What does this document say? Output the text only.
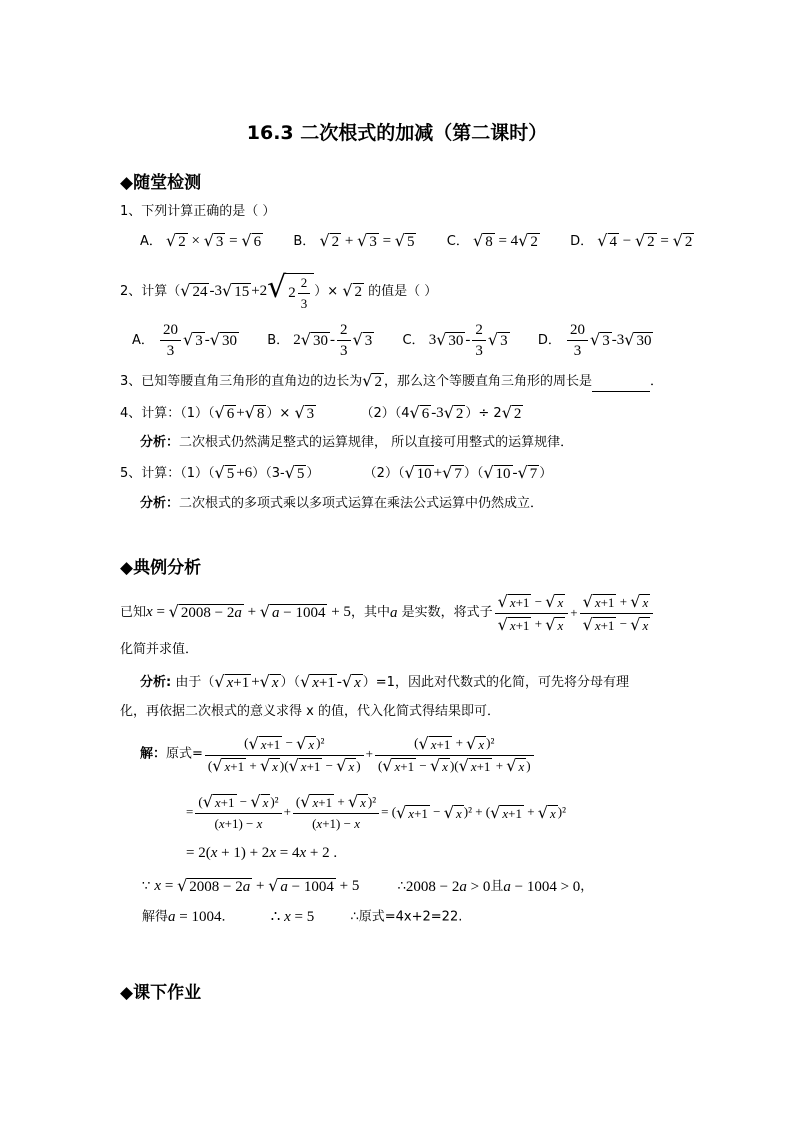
16.3 二次根式的加减（第二课时）
◆随堂检测
1、下列计算正确的是（ ）
A． √ 2 × √ 3 = √ 6 B． √ 2 + √ 3 = √ 5 C． √ 8 = 4√ 2 D． √ 4 − √ 2 = √ 2
2、计算（√ 24 -3√ 15 +2√ $2 \frac{2}{3}$ ）× √ 2 的值是（ ）
A． $\frac{20}{3}$ √ 3 -√ 30 B． 2√ $30 - \frac{2}{3}$ √ 3 C． 3√ $30 - \frac{2}{3}$ √ 3 D． $\frac{20}{3}$ √ 3 -3√ 30
3、已知等腰直角三角形的直角边的边长为√ 2 ，那么这个等腰直角三角形的周长是	．
4、计算：（1）（√ 6 +√ 8 ）× √ 3	（2）（4√ 6 -3√ 2 ）÷ 2√ 2
分析：二次根式仍然满足整式的运算规律， 所以直接可用整式的运算规律．
5、计算：（1）（√ 5 +6）（3-√ 5 ）	（2）（√ 10 +√ 7 ）（√ 10 -√ 7 ）
分析：二次根式的多项式乘以多项式运算在乘法公式运算中仍然成立．
◆典例分析
已知x = √ 2008 − 2a + √ a − 1004 + 5，其中a 是实数，将式子 $\frac{√ x+1 - √ x}{√ x+1 + √ x} + \frac{√ x+1 + √ x}{√ x+1 - √ x}$
化简并求值．
分析: 由于（√ x+1 +√ x ）（√ x+1 -√ x ）=1，因此对代数式的化简，可先将分母有理
化，再依据二次根式的意义求得 x 的值，代入化简式得结果即可．
解：原式= $\frac{\text{(√ x+1 − √ x )²}}{(√ x+1 + √ x )(√ x+1 - √ x )} + \frac{\text{(√ x+1 + √ x )²}}{(√ x+1 - √ x )(√ x+1 + √ x )}$
= $\frac{\text{(√ x+1 − √ x )²}}{(x+1) - x} + \frac{\text{(√ x+1 + √ x )²}}{(x+1) - x}$ = (√ x+1 − √ x )² + (√ x+1 + √ x )²
= 2(x + 1) + 2x = 4x + 2 .
∵ x = √ 2008 − 2a + √ a − 1004 + 5	∴2008 − 2a > 0且a − 1004 > 0，
解得a = 1004．  ∴ x = 5	∴原式=4x+2=22.
◆课下作业
